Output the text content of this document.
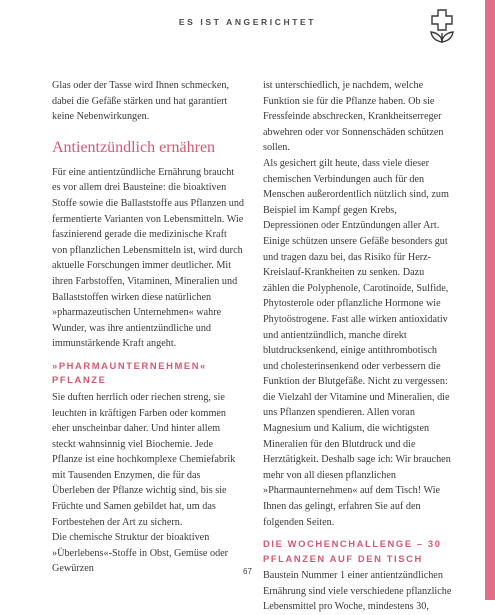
ES IST ANGERICHTET

Glas oder der Tasse wird Ihnen schmecken, dabei die Gefäße stärken und hat garantiert keine Nebenwirkungen.

Antientzündlich ernähren

Für eine antientzündliche Ernährung braucht es vor allem drei Bausteine: die bioaktiven Stoffe sowie die Ballaststoffe aus Pflanzen und fermentierte Varianten von Lebensmitteln. Wie faszinierend gerade die medizinische Kraft von pflanzlichen Lebensmitteln ist, wird durch aktuelle Forschungen immer deutlicher. Mit ihren Farbstoffen, Vitaminen, Mineralien und Ballaststoffen wirken diese natürlichen »pharmazeutischen Unternehmen« wahre Wunder, was ihre antientzündliche und immunstärkende Kraft angeht.

»PHARMAUNTERNEHMEN« PFLANZE

Sie duften herrlich oder riechen streng, sie leuchten in kräftigen Farben oder kommen eher unscheinbar daher. Und hinter allem steckt wahnsinnig viel Biochemie. Jede Pflanze ist eine hochkomplexe Chemiefabrik mit Tausenden Enzymen, die für das Überleben der Pflanze wichtig sind, bis sie Früchte und Samen gebildet hat, um das Fortbestehen der Art zu sichern.

Die chemische Struktur der bioaktiven »Überlebens«-Stoffe in Obst, Gemüse oder Gewürzen

ist unterschiedlich, je nachdem, welche Funktion sie für die Pflanze haben. Ob sie Fressfeinde abschrecken, Krankheitserreger abwehren oder vor Sonnenschäden schützen sollen.

Als gesichert gilt heute, dass viele dieser chemischen Verbindungen auch für den Menschen außerordentlich nützlich sind, zum Beispiel im Kampf gegen Krebs, Depressionen oder Entzündungen aller Art. Einige schützen unsere Gefäße besonders gut und tragen dazu bei, das Risiko für Herz-Kreislauf-Krankheiten zu senken. Dazu zählen die Polyphenole, Carotinoide, Sulfide, Phytosterole oder pflanzliche Hormone wie Phytoöstrogene. Fast alle wirken antioxidativ und antientzündlich, manche direkt blutdrucksenkend, einige antithrombotisch und cholesterinsenkend oder verbessern die Funktion der Blutgefäße. Nicht zu vergessen: die Vielzahl der Vitamine und Mineralien, die uns Pflanzen spendieren. Allen voran Magnesium und Kalium, die wichtigsten Mineralien für den Blutdruck und die Herztätigkeit. Deshalb sage ich: Wir brauchen mehr von all diesen pflanzlichen »Pharmaunternehmen« auf dem Tisch! Wie Ihnen das gelingt, erfahren Sie auf den folgenden Seiten.

DIE WOCHENCHALLENGE – 30 PFLANZEN AUF DEN TISCH

Baustein Nummer 1 einer antientzündlichen Ernährung sind viele verschiedene pflanzliche Lebensmittel pro Woche, mindestens 30,

67
